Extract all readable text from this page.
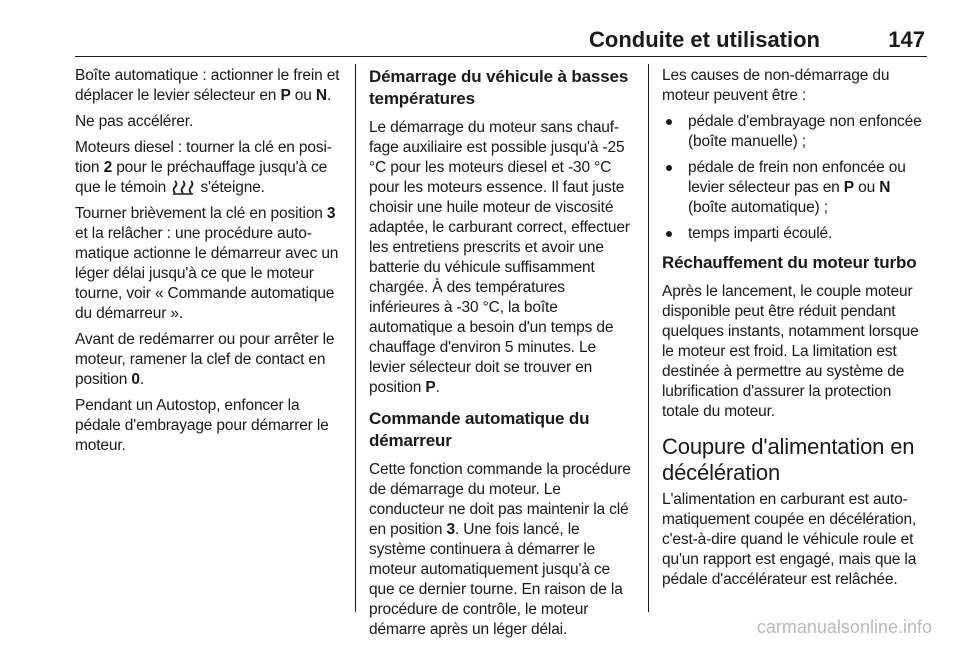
Conduite et utilisation	147

Boîte automatique : actionner le frein et déplacer le levier sélecteur en P ou N.

Ne pas accélérer.

Moteurs diesel : tourner la clé en position 2 pour le préchauffage jusqu'à ce que le témoin  s'éteigne.

Tourner brièvement la clé en position 3 et la relâcher : une procédure automatique actionne le démarreur avec un léger délai jusqu'à ce que le moteur tourne, voir « Commande automatique du démarreur ».

Avant de redémarrer ou pour arrêter le moteur, ramener la clef de contact en position 0.

Pendant un Autostop, enfoncer la pédale d'embrayage pour démarrer le moteur.

Démarrage du véhicule à basses températures

Le démarrage du moteur sans chauffage auxiliaire est possible jusqu'à -25 °C pour les moteurs diesel et -30 °C pour les moteurs essence. Il faut juste choisir une huile moteur de viscosité adaptée, le carburant correct, effectuer les entretiens prescrits et avoir une batterie du véhicule suffisamment chargée. À des températures inférieures à -30 °C, la boîte automatique a besoin d'un temps de chauffage d'environ 5 minutes. Le levier sélecteur doit se trouver en position P.

Commande automatique du démarreur

Cette fonction commande la procédure de démarrage du moteur. Le conducteur ne doit pas maintenir la clé en position 3. Une fois lancé, le système continuera à démarrer le moteur automatiquement jusqu'à ce que ce dernier tourne. En raison de la procédure de contrôle, le moteur démarre après un léger délai.

Les causes de non-démarrage du moteur peuvent être :

pédale d'embrayage non enfoncée (boîte manuelle) ;
pédale de frein non enfoncée ou levier sélecteur pas en P ou N (boîte automatique) ;
temps imparti écoulé.
Réchauffement du moteur turbo

Après le lancement, le couple moteur disponible peut être réduit pendant quelques instants, notamment lorsque le moteur est froid. La limitation est destinée à permettre au système de lubrification d'assurer la protection totale du moteur.

Coupure d'alimentation en décélération

L'alimentation en carburant est automatiquement coupée en décélération, c'est-à-dire quand le véhicule roule et qu'un rapport est engagé, mais que la pédale d'accélérateur est relâchée.

carmanualsonline.info
